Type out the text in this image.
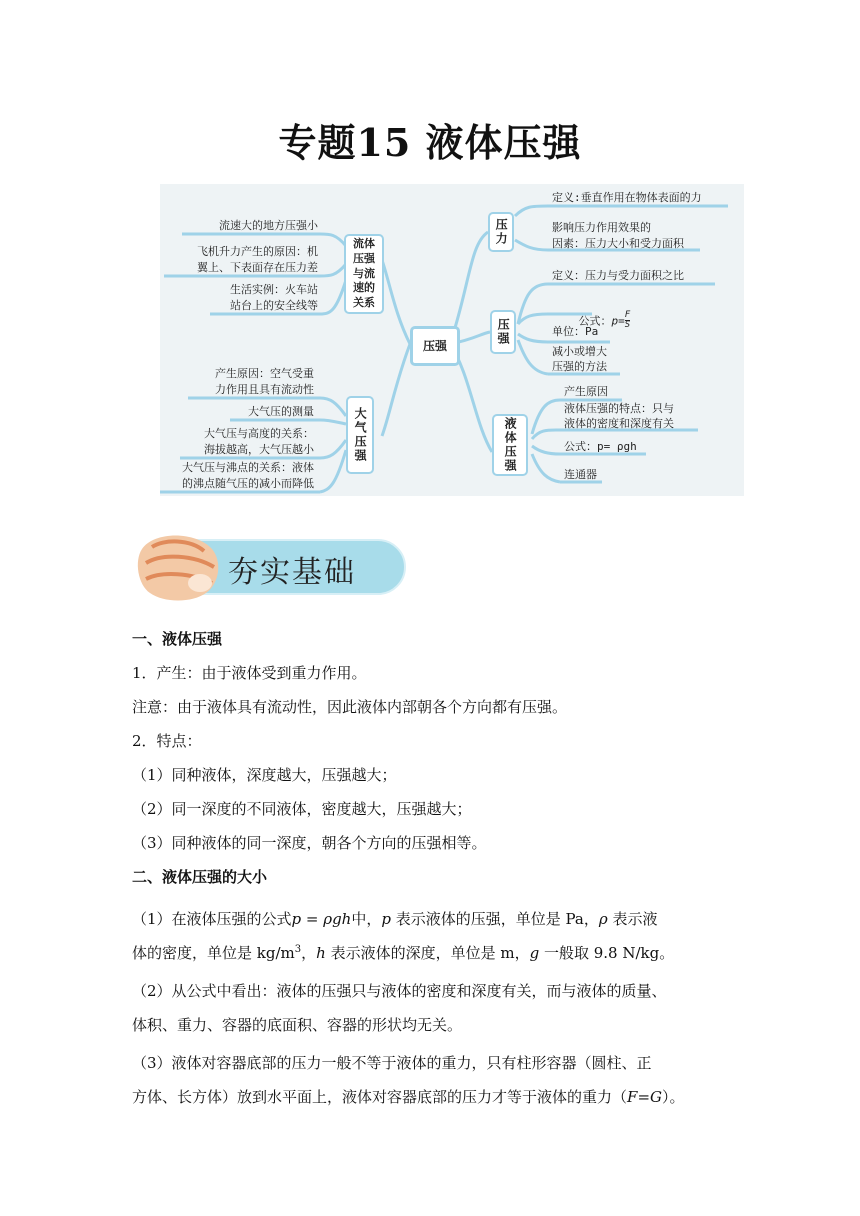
专题15 液体压强
压强
压力
压强
液体压强
流体压强与流速的关系
大气压强
定义:垂直作用在物体表面的力
影响压力作用效果的
因素：压力大小和受力面积
定义：压力与受力面积之比

公式：$p= \frac{F}{S}$

单位：Pa
减小或增大
压强的方法
产生原因
液体压强的特点：只与
液体的密度和深度有关
公式：p= ρgh
连通器
流速大的地方压强小
飞机升力产生的原因：机
翼上、下表面存在压力差
生活实例：火车站
站台上的安全线等
产生原因：空气受重
力作用且具有流动性
大气压的测量
大气压与高度的关系：
海拔越高，大气压越小
大气压与沸点的关系：液体
的沸点随气压的减小而降低
夯实基础
一、液体压强
1．产生：由于液体受到重力作用。
注意：由于液体具有流动性，因此液体内部朝各个方向都有压强。
2．特点：
（1）同种液体，深度越大，压强越大；
（2）同一深度的不同液体，密度越大，压强越大；
（3）同种液体的同一深度，朝各个方向的压强相等。
二、液体压强的大小
（1）在液体压强的公式p = ρgh中，p 表示液体的压强，单位是 Pa，ρ 表示液
体的密度，单位是 $kg/m^3$，h 表示液体的深度，单位是 m，g 一般取 9.8 N/kg。
（2）从公式中看出：液体的压强只与液体的密度和深度有关，而与液体的质量、
体积、重力、容器的底面积、容器的形状均无关。
（3）液体对容器底部的压力一般不等于液体的重力，只有柱形容器（圆柱、正
方体、长方体）放到水平面上，液体对容器底部的压力才等于液体的重力（F=G）。
